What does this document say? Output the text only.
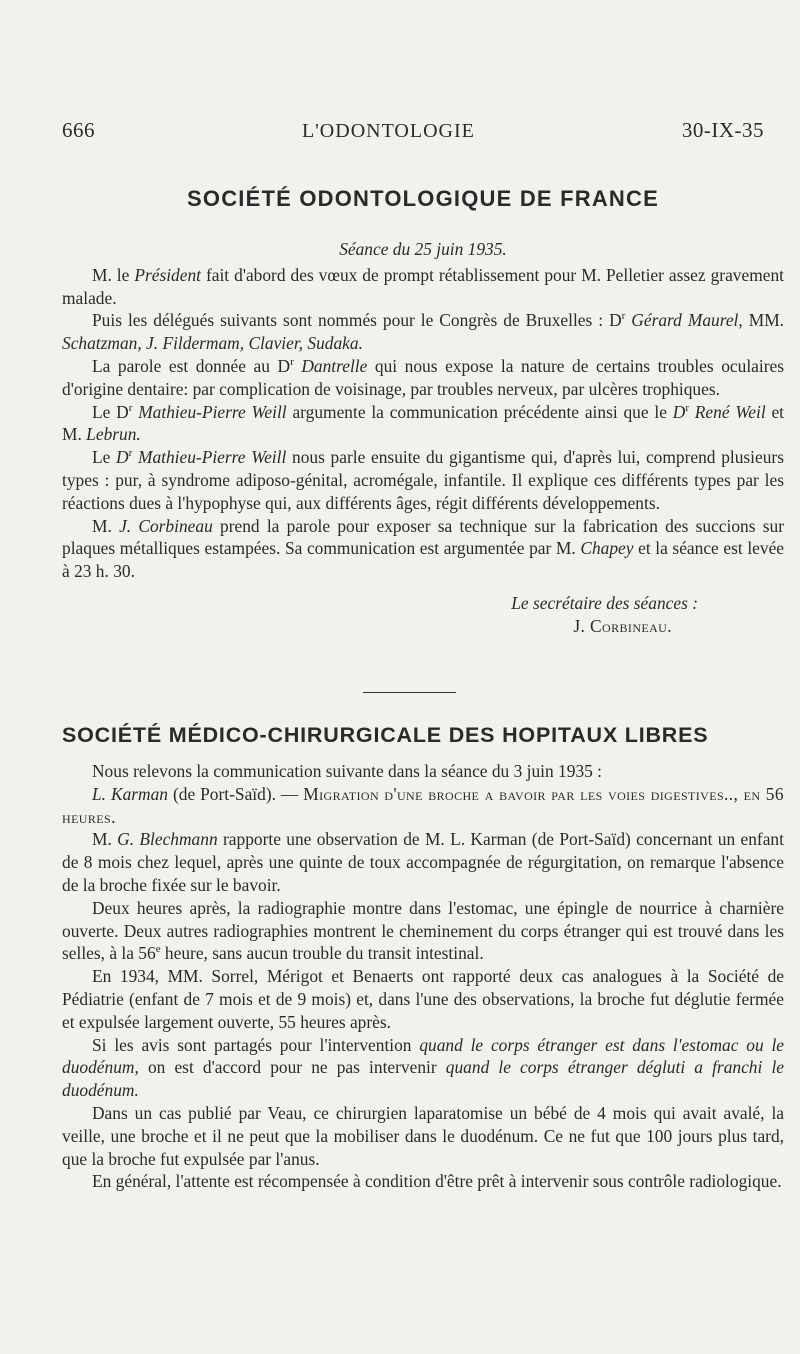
666	L'ODONTOLOGIE	30-IX-35
SOCIÉTÉ ODONTOLOGIQUE DE FRANCE

Séance du 25 juin 1935.

M. le Président fait d'abord des vœux de prompt rétablissement pour M. Pelletier assez gravement malade.

Puis les délégués suivants sont nommés pour le Congrès de Bruxelles : $D^r$ Gérard Maurel, MM. Schatzman, J. Fildermam, Clavier, Sudaka.

La parole est donnée au $D^r$ Dantrelle qui nous expose la nature de certains troubles oculaires d'origine dentaire: par complication de voisinage, par troubles nerveux, par ulcères trophiques.

Le $D^r$ Mathieu-Pierre Weill argumente la communication précédente ainsi que le $D^r$ René Weil et M. Lebrun.

Le $D^r$ Mathieu-Pierre Weill nous parle ensuite du gigantisme qui, d'après lui, comprend plusieurs types : pur, à syndrome adiposo-génital, acromégale, infantile. Il explique ces différents types par les réactions dues à l'hypophyse qui, aux différents âges, régit différents développements.

M. J. Corbineau prend la parole pour exposer sa technique sur la fabrication des succions sur plaques métalliques estampées. Sa communication est argumentée par M. Chapey et la séance est levée à 23 h. 30.

Le secrétaire des séances :

J. Corbineau.

SOCIÉTÉ MÉDICO-CHIRURGICALE DES HOPITAUX LIBRES

Nous relevons la communication suivante dans la séance du 3 juin 1935 :

L. Karman (de Port-Saïd). — Migration d'une broche a bavoir par les voies digestives.., en 56 heures.

M. G. Blechmann rapporte une observation de M. L. Karman (de Port-Saïd) concernant un enfant de 8 mois chez lequel, après une quinte de toux accompagnée de régurgitation, on remarque l'absence de la broche fixée sur le bavoir.

Deux heures après, la radiographie montre dans l'estomac, une épingle de nourrice à charnière ouverte. Deux autres radiographies montrent le cheminement du corps étranger qui est trouvé dans les selles, à la 56e heure, sans aucun trouble du transit intestinal.

En 1934, MM. Sorrel, Mérigot et Benaerts ont rapporté deux cas analogues à la Société de Pédiatrie (enfant de 7 mois et de 9 mois) et, dans l'une des observations, la broche fut déglutie fermée et expulsée largement ouverte, 55 heures après.

Si les avis sont partagés pour l'intervention quand le corps étranger est dans l'estomac ou le duodénum, on est d'accord pour ne pas intervenir quand le corps étranger dégluti a franchi le duodénum.

Dans un cas publié par Veau, ce chirurgien laparatomise un bébé de 4 mois qui avait avalé, la veille, une broche et il ne peut que la mobiliser dans le duodénum. Ce ne fut que 100 jours plus tard, que la broche fut expulsée par l'anus.

En général, l'attente est récompensée à condition d'être prêt à intervenir sous contrôle radiologique.
